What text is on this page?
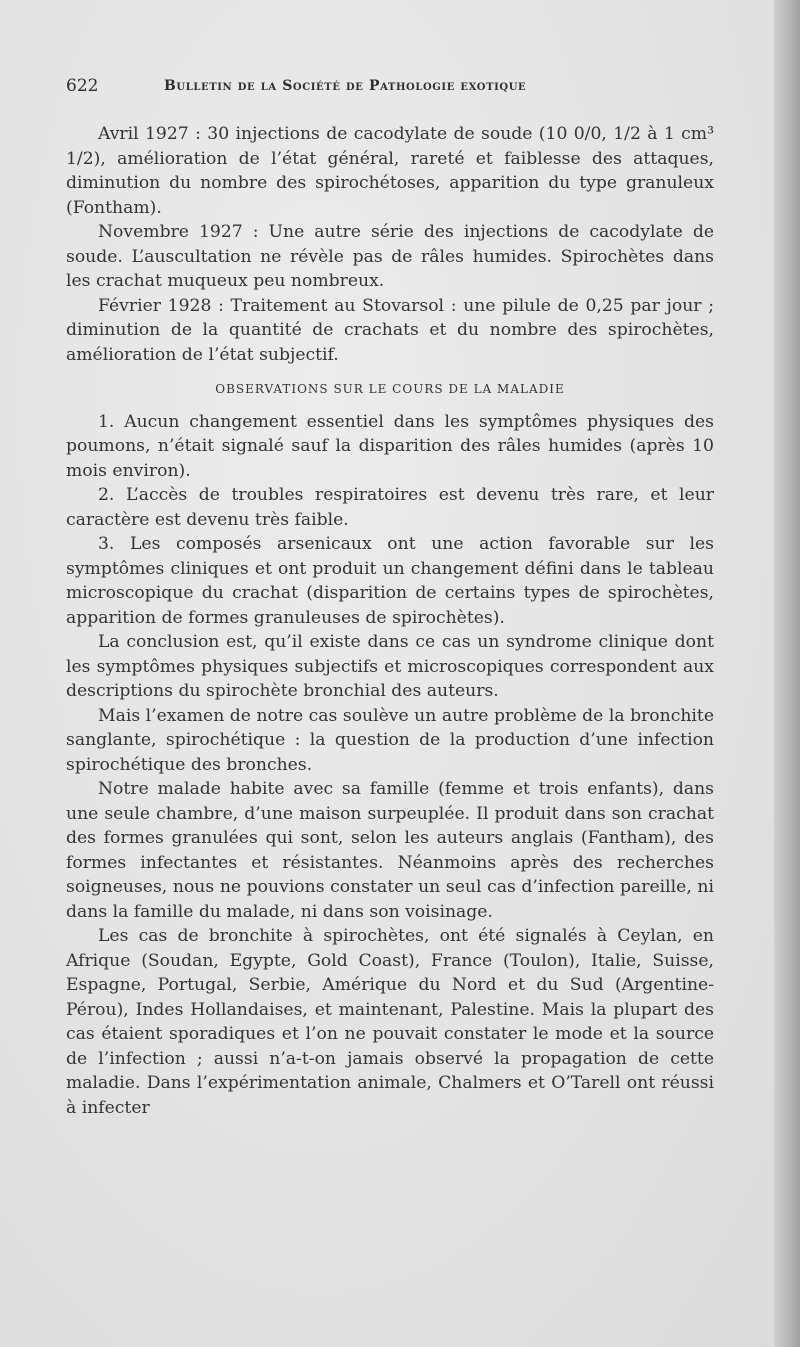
622	Bulletin de la Société de Pathologie exotique

Avril 1927 : 30 injections de cacodylate de soude (10 0/0, 1/2 à 1 cm³ 1/2), amélioration de l’état général, rareté et faiblesse des attaques, diminution du nombre des spirochétoses, apparition du type granuleux (Fontham).

Novembre 1927 : Une autre série des injections de cacodylate de soude. L’auscultation ne révèle pas de râles humides. Spirochètes dans les crachat muqueux peu nombreux.

Février 1928 : Traitement au Stovarsol : une pilule de 0,25 par jour ; diminution de la quantité de crachats et du nombre des spirochètes, amélioration de l’état subjectif.

OBSERVATIONS SUR LE COURS DE LA MALADIE

1. Aucun changement essentiel dans les symptômes physiques des poumons, n’était signalé sauf la disparition des râles humides (après 10 mois environ).

2. L’accès de troubles respiratoires est devenu très rare, et leur caractère est devenu très faible.

3. Les composés arsenicaux ont une action favorable sur les symptômes cliniques et ont produit un changement défini dans le tableau microscopique du crachat (disparition de certains types de spirochètes, apparition de formes granuleuses de spirochètes).

La conclusion est, qu’il existe dans ce cas un syndrome clinique dont les symptômes physiques subjectifs et microscopiques correspondent aux descriptions du spirochète bronchial des auteurs.

Mais l’examen de notre cas soulève un autre problème de la bronchite sanglante, spirochétique : la question de la production d’une infection spirochétique des bronches.

Notre malade habite avec sa famille (femme et trois enfants), dans une seule chambre, d’une maison surpeuplée. Il produit dans son crachat des formes granulées qui sont, selon les auteurs anglais (Fantham), des formes infectantes et résistantes. Néanmoins après des recherches soigneuses, nous ne pouvions constater un seul cas d’infection pareille, ni dans la famille du malade, ni dans son voisinage.

Les cas de bronchite à spirochètes, ont été signalés à Ceylan, en Afrique (Soudan, Egypte, Gold Coast), France (Toulon), Italie, Suisse, Espagne, Portugal, Serbie, Amérique du Nord et du Sud (Argentine-Pérou), Indes Hollandaises, et maintenant, Palestine. Mais la plupart des cas étaient sporadiques et l’on ne pouvait constater le mode et la source de l’infection ; aussi n’a-t-on jamais observé la propagation de cette maladie. Dans l’expérimentation animale, Chalmers et O’Tarell ont réussi à infecter
